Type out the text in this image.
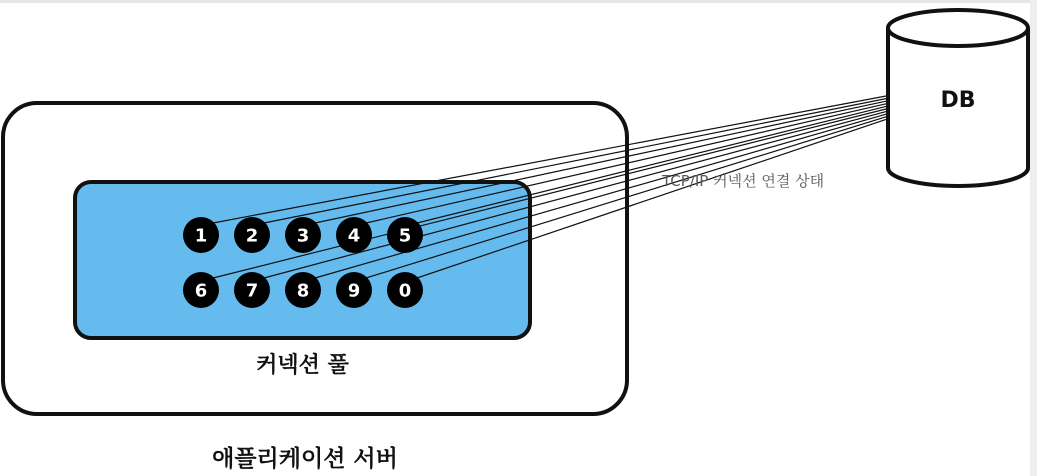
1 2 3 4 5
6 7 8 9 0
DB
TCP/IP 커넥션 연결 상태
커넥션 풀
애플리케이션 서버
